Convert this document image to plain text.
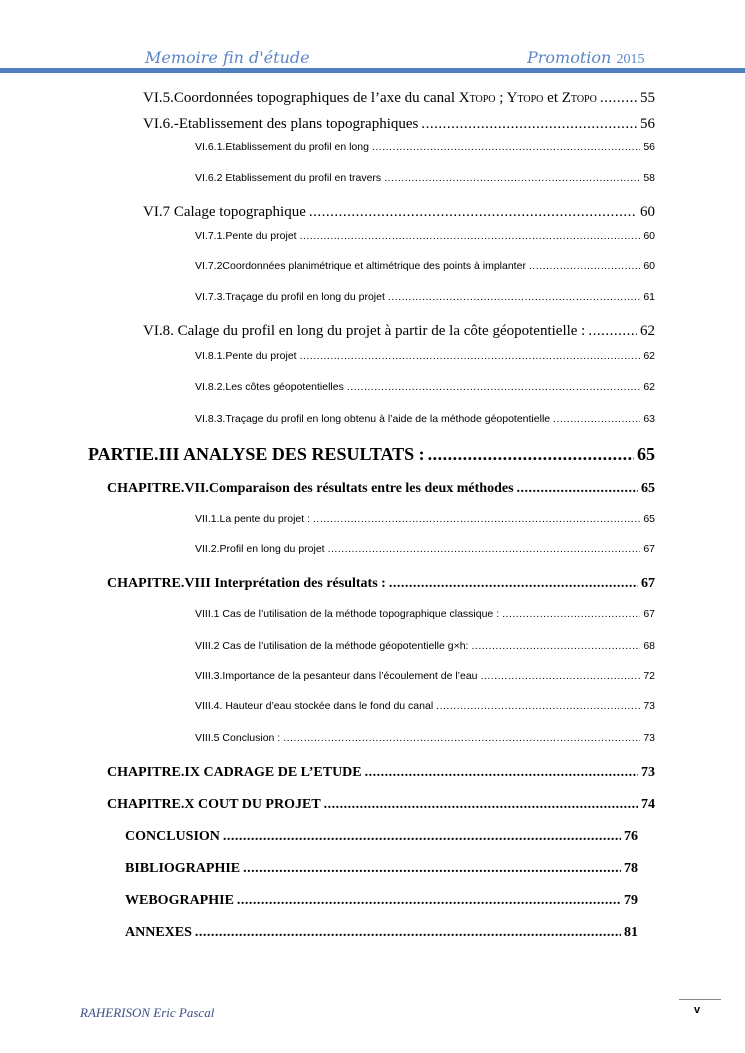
Memoire fin d'étude	Promotion 2015
VI.5.Coordonnées topographiques de l’axe du canal XTOPO ; YTOPO et ZTOPO .....	55
VI.6.-Etablissement des plans topographiques .....	56
VI.6.1.Etablissement du profil en long .....	56
VI.6.2 Etablissement du profil en travers .....	58
VI.7 Calage topographique .....	60
VI.7.1.Pente du projet .....	60
VI.7.2Coordonnées planimétrique et altimétrique des points à implanter .....	60
VI.7.3.Traçage du profil en long du projet .....	61
VI.8. Calage du profil en long du projet à partir de la côte géopotentielle : .....	62
VI.8.1.Pente du projet .....	62
VI.8.2.Les côtes géopotentielles .....	62
VI.8.3.Traçage du profil en long obtenu à l’aide de la méthode géopotentielle .....	63
PARTIE.III ANALYSE DES RESULTATS : .....	65
CHAPITRE.VII.Comparaison des résultats entre les deux méthodes .....	65
VII.1.La pente du projet : .....	65
VII.2.Profil en long du projet .....	67
CHAPITRE.VIII Interprétation des résultats : .....	67
VIII.1 Cas de l’utilisation de la méthode topographique classique : .....	67
VIII.2 Cas de l’utilisation de la méthode géopotentielle g×h: .....	68
VIII.3.Importance de la pesanteur dans l’écoulement de l’eau .....	72
VIII.4. Hauteur d’eau stockée dans le fond du canal .....	73
VIII.5 Conclusion : .....	73
CHAPITRE.IX CADRAGE DE L’ETUDE .....	73
CHAPITRE.X COUT DU PROJET .....	74
CONCLUSION .....	76
BIBLIOGRAPHIE .....	78
WEBOGRAPHIE .....	79
ANNEXES .....	81
RAHERISON Eric Pascal	v
